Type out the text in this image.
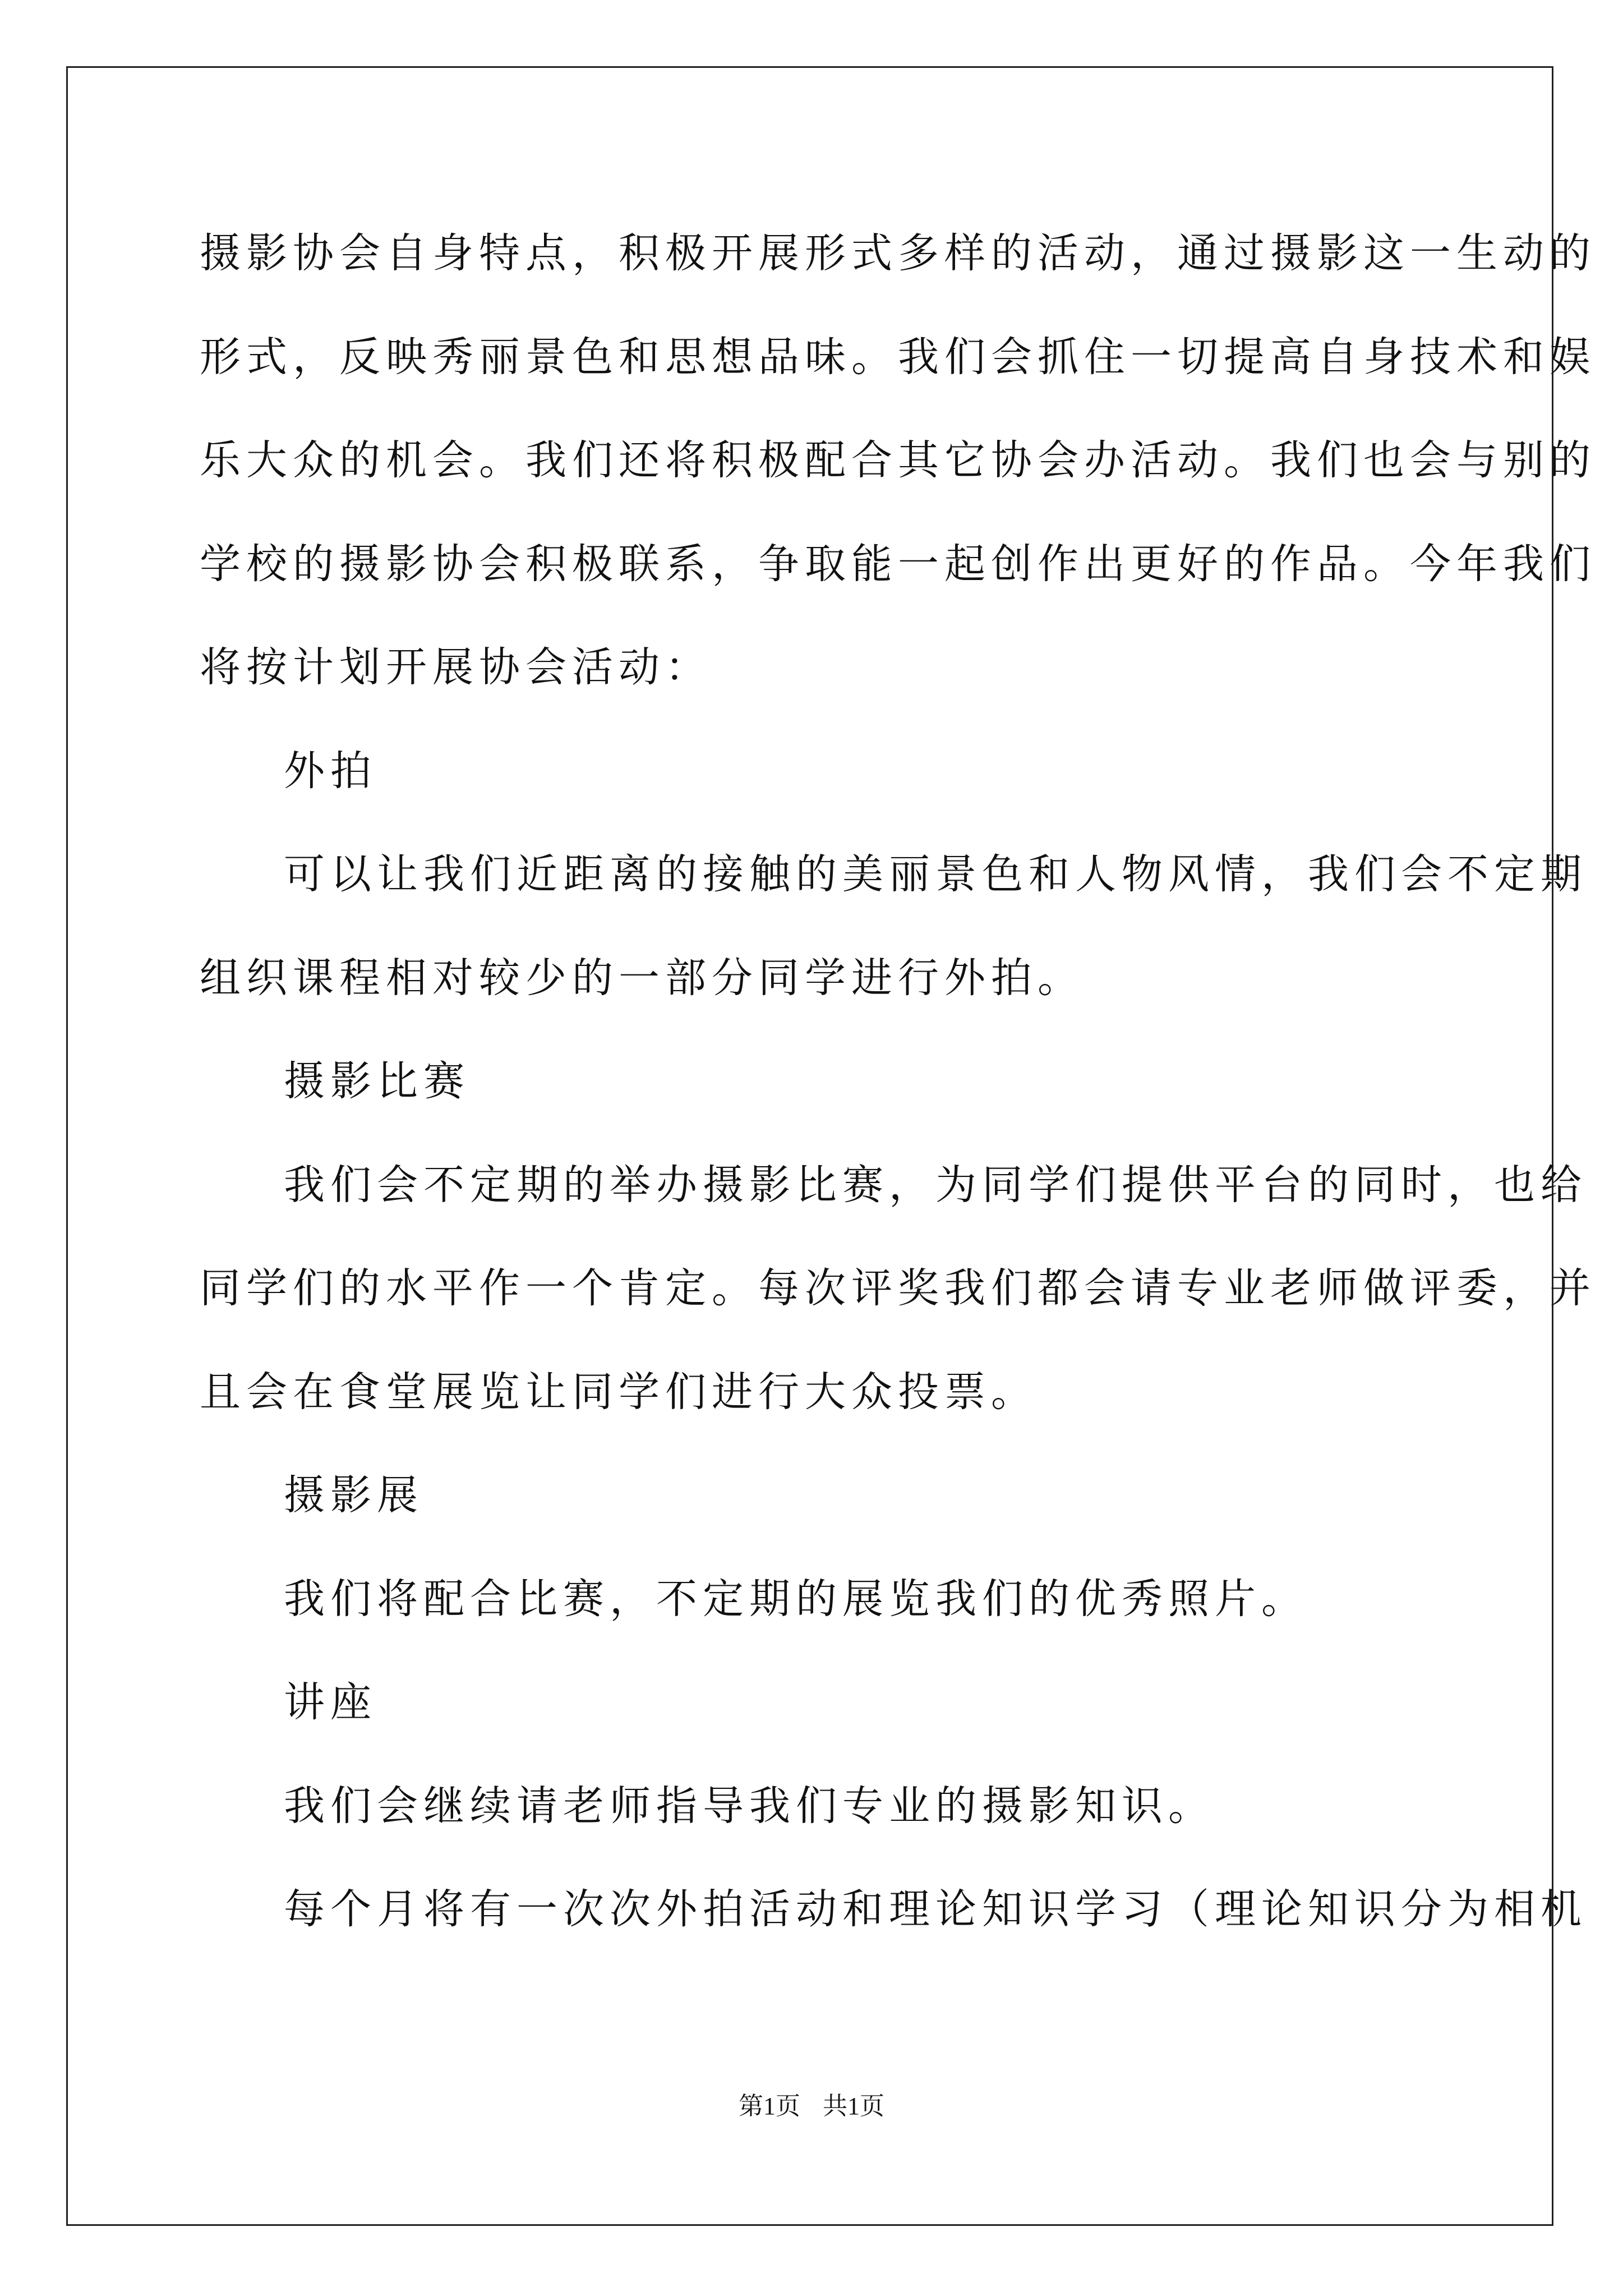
摄影协会自身特点，积极开展形式多样的活动，通过摄影这一生动的
形式，反映秀丽景色和思想品味。我们会抓住一切提高自身技术和娱
乐大众的机会。我们还将积极配合其它协会办活动。我们也会与别的
学校的摄影协会积极联系，争取能一起创作出更好的作品。今年我们
将按计划开展协会活动：
外拍
可以让我们近距离的接触的美丽景色和人物风情，我们会不定期
组织课程相对较少的一部分同学进行外拍。
摄影比赛
我们会不定期的举办摄影比赛，为同学们提供平台的同时，也给
同学们的水平作一个肯定。每次评奖我们都会请专业老师做评委，并
且会在食堂展览让同学们进行大众投票。
摄影展
我们将配合比赛，不定期的展览我们的优秀照片。
讲座
我们会继续请老师指导我们专业的摄影知识。
每个月将有一次次外拍活动和理论知识学习（理论知识分为相机
第1页 共1页
